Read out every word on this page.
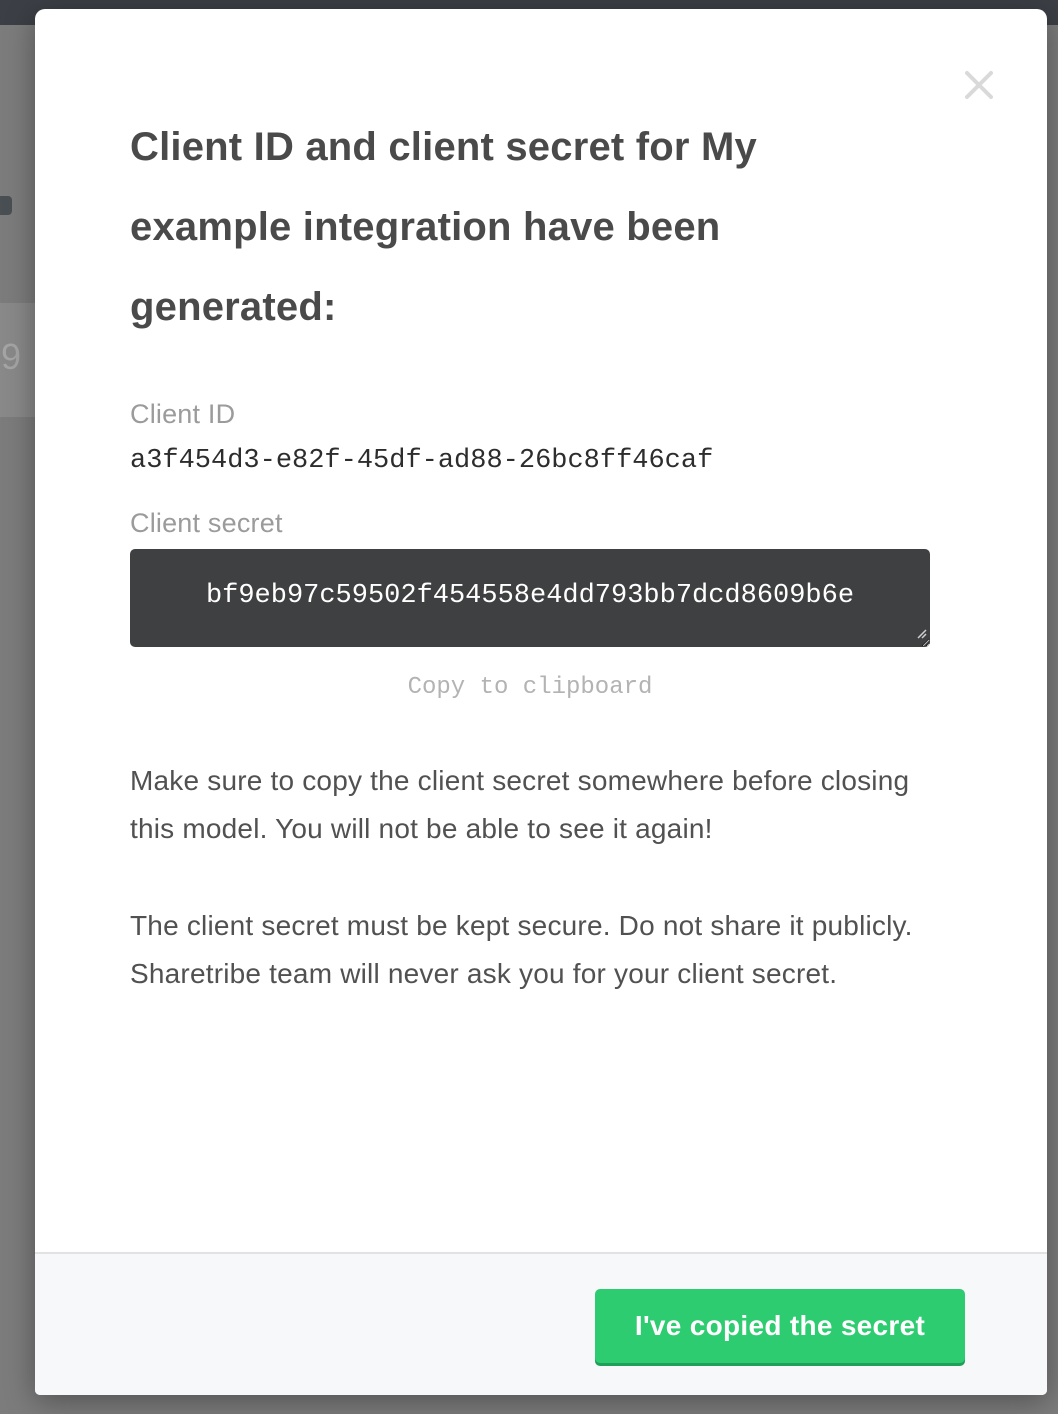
9
Client ID and client secret for My example integration have been generated:
Client ID
a3f454d3-e82f-45df-ad88-26bc8ff46caf
Client secret
bf9eb97c59502f454558e4dd793bb7dcd8609b6e
Copy to clipboard

Make sure to copy the client secret somewhere before closing this model. You will not be able to see it again!

The client secret must be kept secure. Do not share it publicly. Sharetribe team will never ask you for your client secret.

I've copied the secret
